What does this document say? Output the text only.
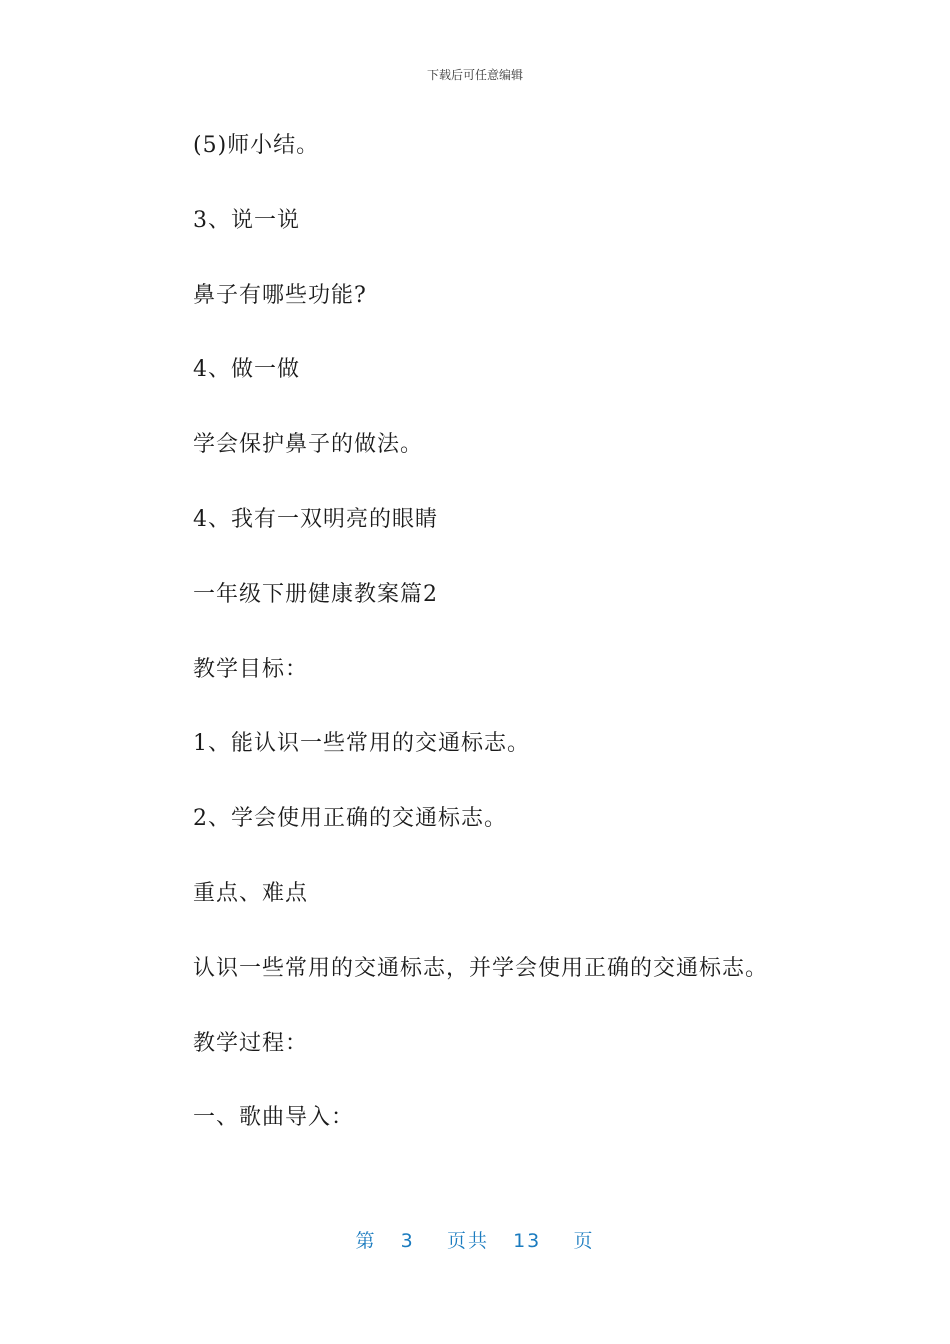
下载后可任意编辑
(5)师小结。
3、说一说
鼻子有哪些功能?
4、做一做
学会保护鼻子的做法。
4、我有一双明亮的眼睛
一年级下册健康教案篇2
教学目标：
1、能认识一些常用的交通标志。
2、学会使用正确的交通标志。
重点、难点
认识一些常用的交通标志，并学会使用正确的交通标志。
教学过程：
一、歌曲导入：
第 3 页共 13 页
